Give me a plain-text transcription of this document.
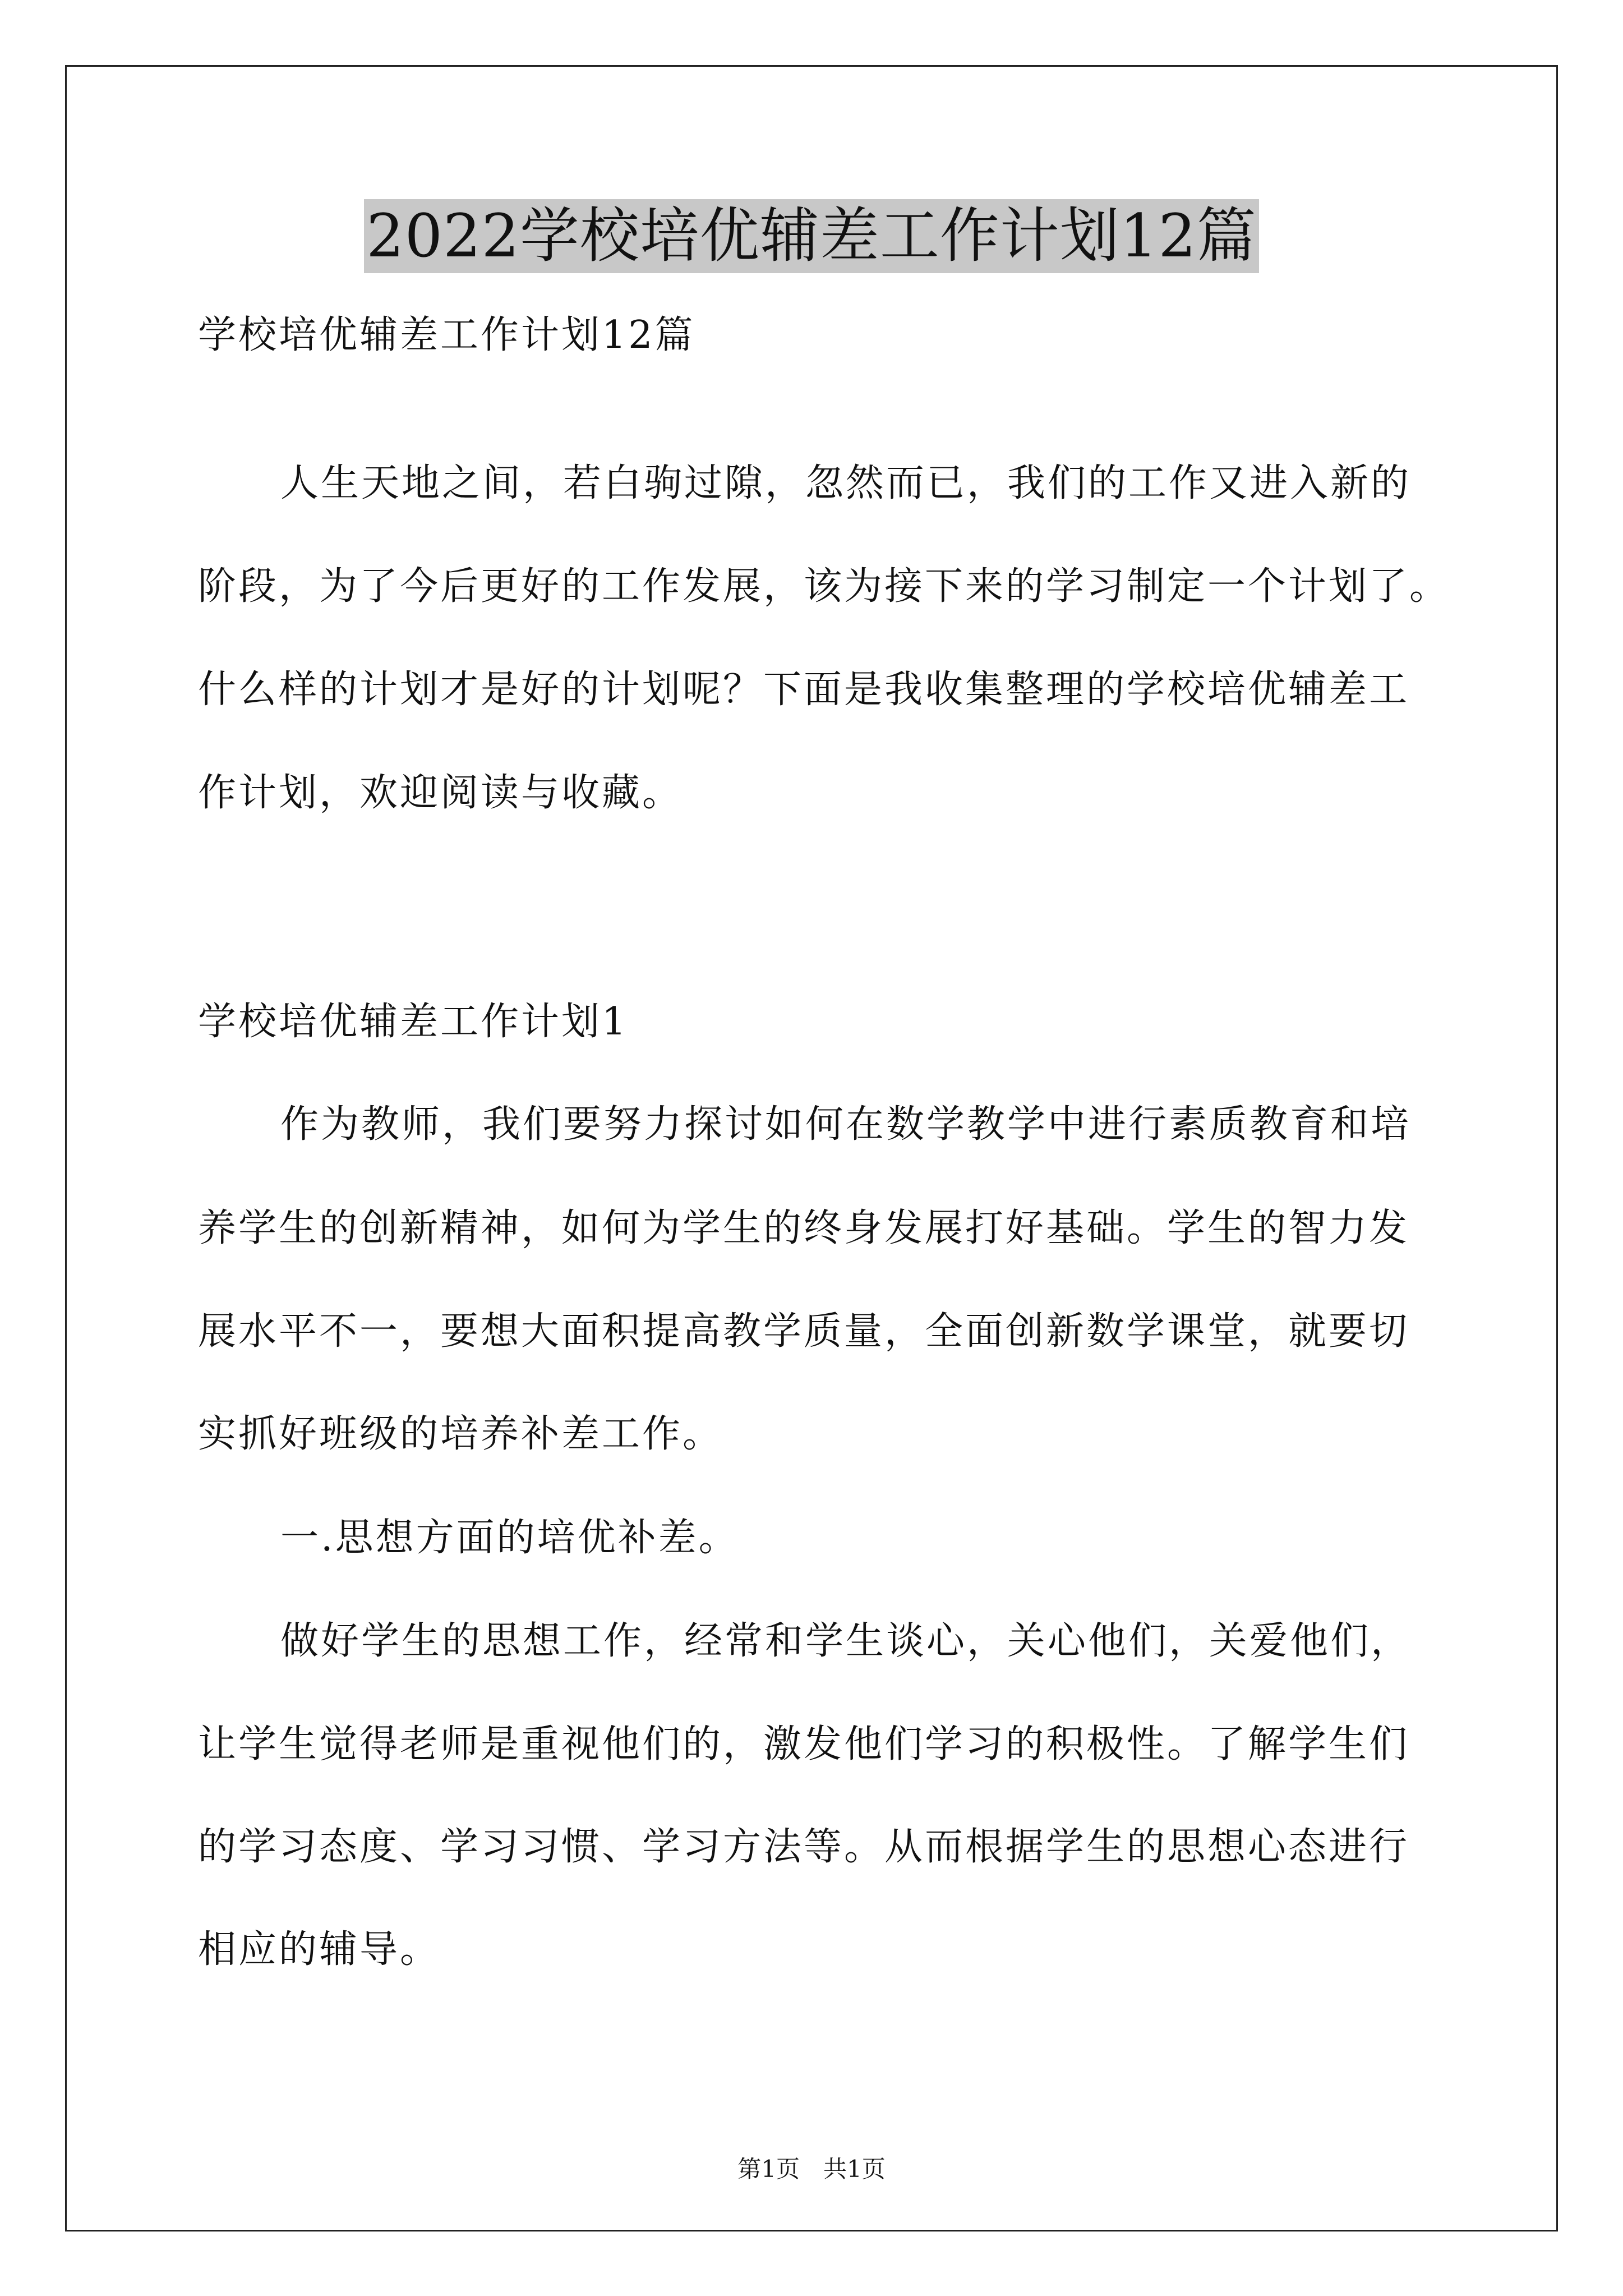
2022学校培优辅差工作计划12篇
学校培优辅差工作计划12篇
人生天地之间，若白驹过隙，忽然而已，我们的工作又进入新的
阶段，为了今后更好的工作发展，该为接下来的学习制定一个计划了。
什么样的计划才是好的计划呢？下面是我收集整理的学校培优辅差工
作计划，欢迎阅读与收藏。
学校培优辅差工作计划1
作为教师，我们要努力探讨如何在数学教学中进行素质教育和培
养学生的创新精神，如何为学生的终身发展打好基础。学生的智力发
展水平不一，要想大面积提高教学质量，全面创新数学课堂，就要切
实抓好班级的培养补差工作。
一.思想方面的培优补差。
做好学生的思想工作，经常和学生谈心，关心他们，关爱他们，
让学生觉得老师是重视他们的，激发他们学习的积极性。了解学生们
的学习态度、学习习惯、学习方法等。从而根据学生的思想心态进行
相应的辅导。
第1页　共1页
